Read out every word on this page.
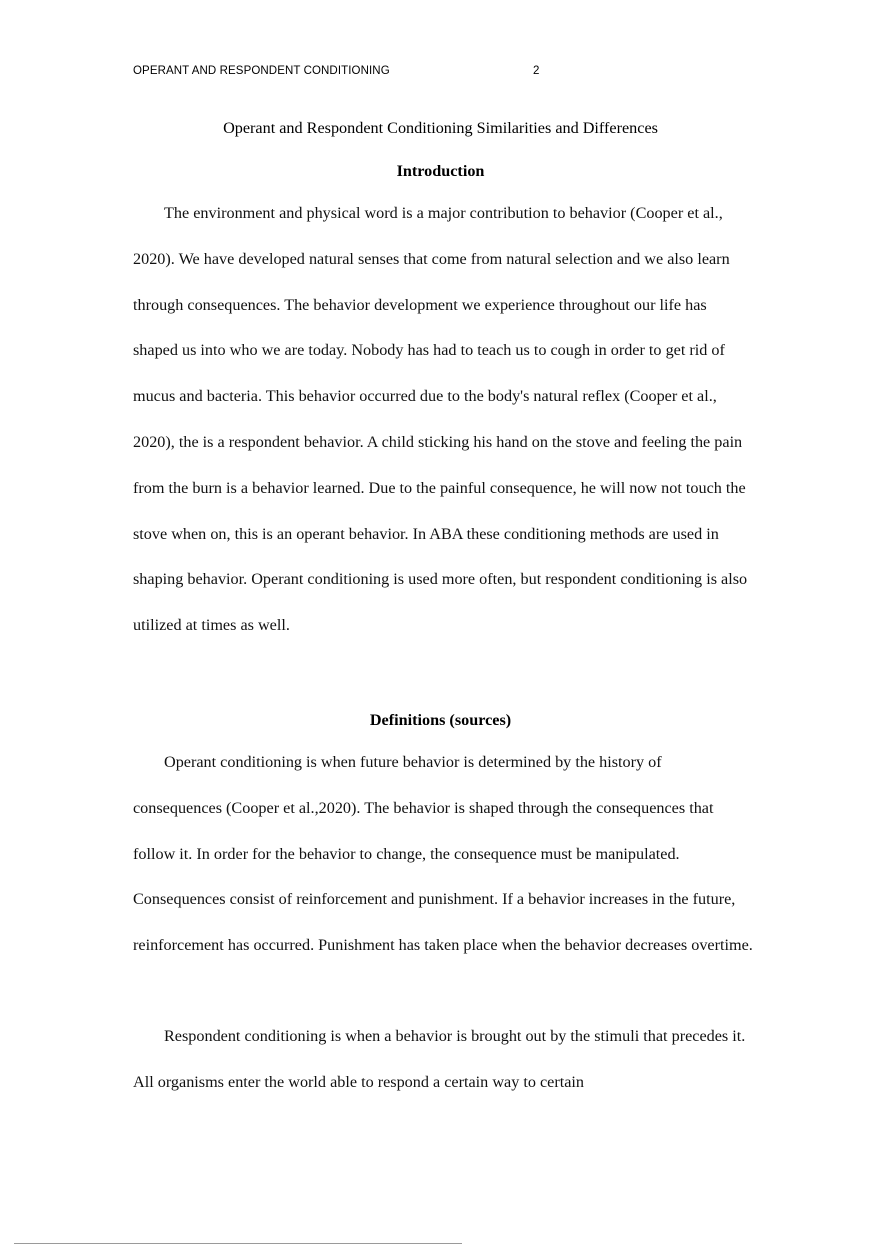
OPERANT AND RESPONDENT CONDITIONING	2
Operant and Respondent Conditioning Similarities and Differences
Introduction

The environment and physical word is a major contribution to behavior (Cooper et al., 2020). We have developed natural senses that come from natural selection and we also learn through consequences. The behavior development we experience throughout our life has shaped us into who we are today. Nobody has had to teach us to cough in order to get rid of mucus and bacteria. This behavior occurred due to the body's natural reflex (Cooper et al., 2020), the is a respondent behavior. A child sticking his hand on the stove and feeling the pain from the burn is a behavior learned. Due to the painful consequence, he will now not touch the stove when on, this is an operant behavior. In ABA these conditioning methods are used in shaping behavior. Operant conditioning is used more often, but respondent conditioning is also utilized at times as well.

Definitions (sources)

Operant conditioning is when future behavior is determined by the history of consequences (Cooper et al.,2020). The behavior is shaped through the consequences that follow it. In order for the behavior to change, the consequence must be manipulated. Consequences consist of reinforcement and punishment. If a behavior increases in the future, reinforcement has occurred. Punishment has taken place when the behavior decreases overtime.

Respondent conditioning is when a behavior is brought out by the stimuli that precedes it. All organisms enter the world able to respond a certain way to certain
